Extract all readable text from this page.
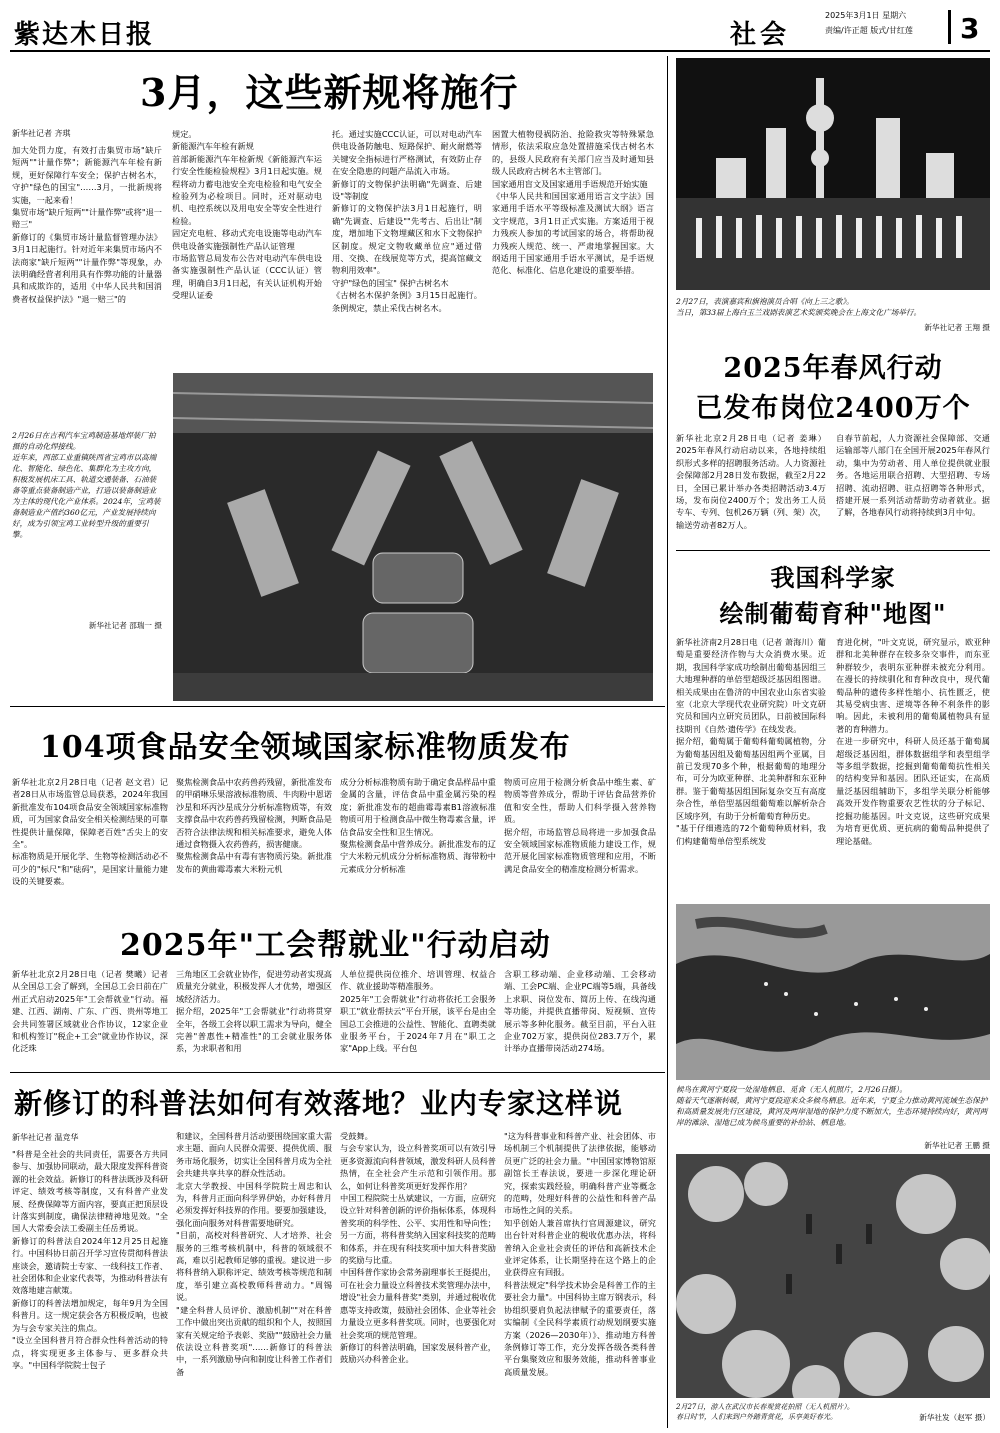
紫达木日报	社会
2025年3月1日 星期六
责编/许正超 版式/甘红莲 3
3月，这些新规将施行
新华社记者 齐琪
加大处罚力度，有效打击集贸市场"缺斤短两""计量作弊"；新能源汽车年检有新规，更好保障行车安全；保护古树名木，守护"绿色的国宝"……3月，一批新规将实施，一起来看！
集贸市场"缺斤短两""计量作弊"或将"退一赔三"
新修订的《集贸市场计量监督管理办法》3月1日起施行。针对近年来集贸市场内不法商家"缺斤短两""计量作弊"等现象，办法明确经营者利用具有作弊功能的计量器具和成欺诈的，适用《中华人民共和国消费者权益保护法》"退一赔三"的
规定。
新能源汽车年检有新规
首部新能源汽车年检新规《新能源汽车运行安全性能检验规程》3月1日起实施。规程将动力蓄电池安全充电检验和电气安全检验列为必检项目。同时，还对驱动电机、电控系统以及用电安全等安全性进行检验。
固定充电桩、移动式充电设施等电动汽车供电设备实施强制性产品认证管理
市场监管总局发布公告对电动汽车供电设备实施强制性产品认证（CCC认证）管理，明确自3月1日起，有关认证机构开始受理认证委
托。通过实施CCC认证，可以对电动汽车供电设备防触电、短路保护、耐火耐燃等关键安全指标进行严格测试，有效防止存在安全隐患的问题产品流入市场。
新修订的文物保护法明确"先调查、后建设"等制度
新修订的文物保护法3月1日起施行，明确"先调查、后建设""先考古、后出让"制度，增加地下文物埋藏区和水下文物保护区制度。规定文物收藏单位应"通过借用、交换、在线展览等方式，提高馆藏文物利用效率"。
守护"绿色的国宝" 保护古树名木
《古树名木保护条例》3月15日起施行。条例规定，禁止采伐古树名木。
困置大植物侵祸防治、抢险救灾等特殊紧急情形，依法采取应急处置措施采伐古树名木的，县级人民政府有关部门应当及时通知县级人民政府古树名木主管部门。
国家通用盲文及国家通用手语规范开始实施
《中华人民共和国国家通用语言文字法》国家通用手语水平等级标准及测试大纲》语言文字规范，3月1日正式实施。方案适用于视力残疾人参加的考试国家的场合，将帮助视力残疾人规范、统一、严肃地掌握国家。大纲适用于国家通用手语水平测试，是手语规范化、标准化、信息化建设的重要举措。
2月26日在吉利汽车宝鸡制造基地焊装厂拍摄的自动化焊接线。
近年来，西部工业重镇陕西省宝鸡市以高端化、智能化、绿色化、集群化为主攻方向，积极发展机床工具、轨道交通装备、石油装备等重点装备制造产业，打造以装备制造业为主体的现代化产业体系。2024年，宝鸡装备制造业产值约360亿元，产业发展持续向好，成为引领宝鸡工业转型升级的重要引擎。
新华社记者 邵瑞一 摄
104项食品安全领域国家标准物质发布
新华社北京2月28日电（记者 赵文君）记者28日从市场监管总局获悉，2024年我国新批准发布104项食品安全领域国家标准物质，可为国家食品安全相关检测结果的可靠性提供计量保障，保障老百姓"舌尖上的安全"。
标准物质是开展化学、生物等检测活动必不可少的"标尺"和"砝码"，是国家计量能力建设的关键要素。
聚焦检测食品中农药兽药残留，新批准发布的甲硝啉乐果溶液标准物质、牛肉粉中恩诺沙星和环丙沙星成分分析标准物质等，有效支撑食品中农药兽药残留检测，判断食品是否符合法律法规和相关标准要求，避免人体通过食物摄入农药兽药，损害健康。
聚焦检测食品中有毒有害物质污染。新批准发布的黄曲霉毒素大米粉元机
成分分析标准物质有助于确定食品样品中重金属的含量，评估食品中重金属污染的程度；新批准发布的超曲霉毒素B1溶液标准物质可用于检测食品中微生物毒素含量，评估食品安全性和卫生情况。
聚焦检测食品中营养成分。新批准发布的辽宁大米粉元机成分分析标准物质、海带粉中元素成分分析标准
物质可应用于检测分析食品中维生素、矿物质等营养成分，帮助于评估食品营养价值和安全性，帮助人们科学摄入营养物质。
据介绍，市场监管总局将进一步加强食品安全领域国家标准物质能力建设工作，规范开展化国家标准物质管理和应用，不断满足食品安全的精准度检测分析需求。
2025年"工会帮就业"行动启动
新华社北京2月28日电（记者 樊曦）记者从全国总工会了解到，全国总工会日前在广州正式启动2025年"工会帮就业"行动。福建、江西、湖南、广东、广西、贵州等地工会共同签署区域就业合作协议，12家企业和机构签订"税企+工会"就业协作协议，深化泛珠
三角地区工会就业协作，促进劳动者实现高质量充分就业，积极发挥人才优势，增强区域经济活力。
据介绍，2025年"工会帮就业"行动将贯穿全年，各级工会将以职工需求为导向，健全完善"普惠性+精准性"的工会就业服务体系，为求职者和用
人单位提供岗位推介、培训管理、权益合作、就业援助等精准服务。
2025年"工会帮就业"行动将依托工会服务职工"就业帮扶云"平台开展，该平台是由全国总工会推进的公益性、智能化、直聘类就业服务平台，于2024年7月在"职工之家"App上线。平台包
含职工移动端、企业移动端、工会移动端、工会PC端、企业PC端等5端，具备线上求职、岗位发布、简历上传、在线沟通等功能，并提供直播带岗、短视频、宣传展示等多种化服务。截至目前，平台入驻企业702万家，提供岗位283.7万个，累计举办直播带岗活动274场。
新修订的科普法如何有效落地？业内专家这样说
新华社记者 温竞华
"科普是全社会的共同责任，需要各方共同参与、加强协同联动，最大限度发挥科普资源的社会效益。新修订的科普法既涉及科研评定、绩效考核等制度，又有科普产业发展、经费保障等方面内容，要真正把顶层设计落实到制度，确保法律精神地见效。"全国人大常委会法工委副主任岳勇说。
新修订的科普法自2024年12月25日起施行。中国科协日前召开学习宣传贯彻科普法座谈会，邀请院士专家、一线科技工作者、社会团体和企业家代表等，为推动科普法有效落地建言献策。
新修订的科普法增加规定，每年9月为全国科普月。这一规定获会各方积极反响，也被为与会专家关注的焦点。
"设立全国科普月符合群众性科普活动的特点，将实现更多主体参与、更多群众共享。"中国科学院院士包子
和建议，全国科普月活动要围绕国家重大需求主题、面向人民群众需要、提供优质、服务市场化服务，切实让全国科普月成为全社会共建共享共享的群众性活动。
北京大学教授、中国科学院院士周忠和认为，科普月正面向科学界伊始，办好科普月必须发挥好科技界的作用。要要加强建设，强化面向服务对科普需要地研究。
"目前，高校对科普研究、人才培养、社会服务的三维考核机制中，科普的领域很不高，难以引起教师足够的重视。建议进一步将科普纳入职称评定、绩效考核等规范和制度，举引建立高校教师科普动力。"周锡说。
"建全科普人员评价、激励机制""对在科普工作中做出突出贡献的组织和个人，按照国家有关规定给予表彰、奖励""鼓励社会力量依法设立科普奖项"……新修订的科普法中，一系列激励导向和制度让科普工作者们备
受鼓舞。
与会专家认为，设立科普奖项可以有效引导更多资源流向科普领域，激发科研人员科普热情，在全社会产生示范和引领作用。那么，如何让科普奖项更好发挥作用？
中国工程院院士丛斌建议，一方面，应研究设立针对科普创新的评价指标体系，体现科普奖项的科学性、公平、实用性和导向性；另一方面，将科普奖纳入国家科技奖的范畴和体系，并在现有科技奖项中加大科普奖励的奖励与比重。
中国科普作家协会常务副理事长王挺提出，可在社会力量设立科普技术奖管理办法中，增设"社会力量科普奖"类别，并通过税收优惠等支持政策，鼓励社会团体、企业等社会力量设立更多科普奖项。同时，也要强化对社会奖项的规范管理。
新修订的科普法明确，国家发展科普产业，鼓励兴办科普企业。
"这为科普事业和科普产业、社会团体、市场机制三个机制提供了法律依据，能够动员更广泛的社会力量。"中国国家博物馆原副馆长王春法说，要进一步深化理论研究，探索实践经验，明确科普产业等概念的范畴，处理好科普的公益性和科普产品市场性之间的关系。
知乎创始人兼首席执行官周源建议，研究出台针对科普企业的税收优惠办法，将科普纳入企业社会责任的评估和高新技术企业评定体系，让长期坚持在这个路上的企业获得应有回报。
科普法规定"科学技术协会是科普工作的主要社会力量"。中国科协主席万钢表示，科协组织要肩负起法律赋予的重要责任，落实编制《全民科学素质行动规划纲要实施方案（2026—2030年）》、推动地方科普条例修订等工作，充分发挥各级各类科普平台集聚效应和服务效能，推动科普事业高质量发展。
2月27日，表演嘉宾和旗袍演员合唱《向上三之歌》。
当日，第33届上海白玉兰戏剧表演艺术奖颁奖晚会在上海文化广场举行。
新华社记者 王翔 摄
2025年春风行动
已发布岗位2400万个
新华社北京2月28日电（记者 姜琳）2025年春风行动启动以来，各地持续组织形式多样的招聘服务活动。人力资源社会保障部2月28日发布数据，截至2月22日，全国已累计举办各类招聘活动3.4万场，发布岗位2400万个；发出务工人员专车、专列、包机26万辆（列、架）次，输送劳动者82万人。
自春节前起，人力资源社会保障部、交通运输部等八部门在全国开展2025年春风行动，集中为劳动者、用人单位提供就业服务。各地运用联合招聘、大型招聘、专场招聘、流动招聘、驻点招聘等各种形式，搭建开展一系列活动帮助劳动者就业。据了解，各地春风行动将持续到3月中旬。
我国科学家
绘制葡萄育种"地图"
新华社济南2月28日电（记者 萧海川）葡萄是重要经济作物与大众消费水果。近期，我国科学家成功绘制出葡萄基因组三大地理种群的单倍型超级泛基因组图谱。相关成果由在鲁济的中国农业山东省实验室（北京大学现代农业研究院）叶文克研究员和国内立研究员团队，日前被国际科技期刊《自然·遗传学》在线发表。
据介绍，葡萄属于葡萄科葡萄属植物，分为葡萄基因组及葡萄基因组两个亚属，目前已发现70多个种，根据葡萄的地理分布，可分为欧亚种群、北美种群和东亚种群。鉴于葡萄基因组国际复杂交互有高度杂合性，单倍型基因组葡萄难以解析杂合区域序列，有助于分析葡萄育种历史。
"基于仔细遴选的72个葡萄种质材料，我们构建葡萄单倍型系统发
育进化树，"叶文克说，研究显示，欧亚种群和北美种群存在较多杂交事件，而东亚种群较少，表明东亚种群未被充分利用。在漫长的持续驯化和育种改良中，现代葡萄品种的遗传多样性缩小、抗性匮乏，使其易受病虫害、逆境等各种不利条件的影响。因此，未被利用的葡萄属植物具有显著的育种潜力。
在进一步研究中，科研人员还基于葡萄属超级泛基因组，群体数据组学和表型组学等多组学数据，挖掘到葡萄葡萄抗性相关的结构变异和基因。团队还证实，在高质量泛基因组辅助下，多组学关联分析能够高效开发作物重要农艺性状的分子标记、挖掘功能基因。叶文克说，这些研究成果为培育更优质、更抗病的葡萄品种提供了理论基础。
候鸟在黄河宁夏段一处湿地栖息、觅食（无人机照片，2月26日摄）。
随着天气逐渐转暖，黄河宁夏段迎来众多候鸟栖息。近年来，宁夏全力推动黄河流域生态保护和高质量发展先行区建设，黄河及两岸湿地的保护力度不断加大，生态环境持续向好，黄河两岸的滩涂、湿地已成为候鸟重要的补给站、栖息地。
新华社记者 王鹏 摄
2月27日，游人在武汉市长春观赏花拍照（无人机照片）。
春日时节，人们来到户外踏青赏花，乐享美好春光。	新华社发（赵军 摄）
